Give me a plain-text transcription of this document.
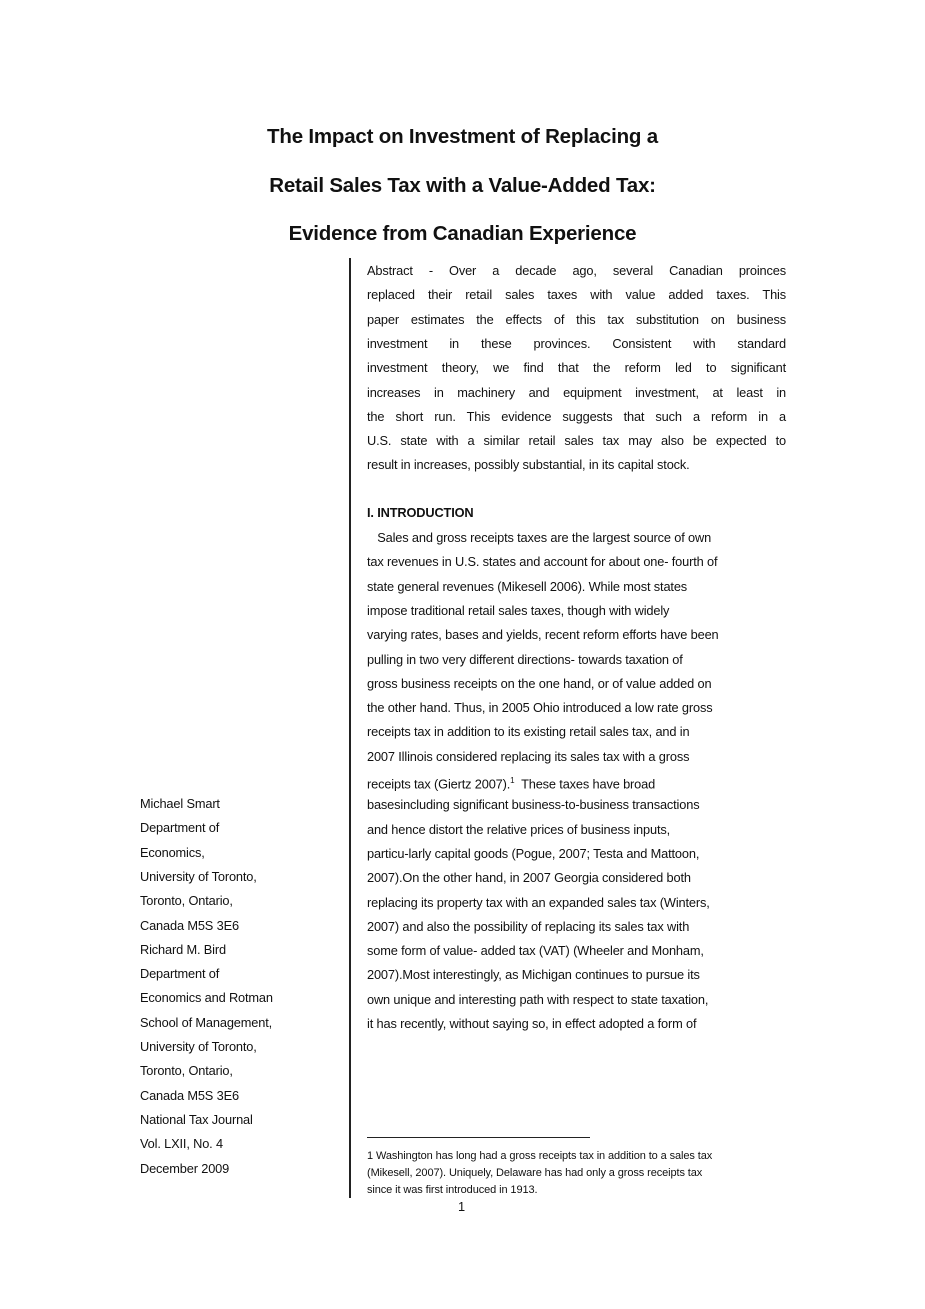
The Impact on Investment of Replacing a
Retail Sales Tax with a Value-Added Tax:
Evidence from Canadian Experience
Abstract - Over a decade ago, several Canadian proinces
replaced their retail sales taxes with value added taxes. This
paper estimates the effects of this tax substitution on business
investment in these provinces. Consistent with standard
investment theory, we find that the reform led to significant
increases in machinery and equipment investment, at least in
the short run. This evidence suggests that such a reform in a
U.S. state with a similar retail sales tax may also be expected to
result in increases, possibly substantial, in its capital stock.
I. INTRODUCTION
Sales and gross receipts taxes are the largest source of own
tax revenues in U.S. states and account for about one- fourth of
state general revenues (Mikesell 2006). While most states
impose traditional retail sales taxes, though with widely
varying rates, bases and yields, recent reform efforts have been
pulling in two very different directions- towards taxation of
gross business receipts on the one hand, or of value added on
the other hand. Thus, in 2005 Ohio introduced a low rate gross
receipts tax in addition to its existing retail sales tax, and in
2007 Illinois considered replacing its sales tax with a gross
receipts tax (Giertz 2007).$^1$  These taxes have broad
basesincluding significant business-to-business transactions
and hence distort the relative prices of business inputs,
particu-larly capital goods (Pogue, 2007; Testa and Mattoon,
2007).On the other hand, in 2007 Georgia considered both
replacing its property tax with an expanded sales tax (Winters,
2007) and also the possibility of replacing its sales tax with
some form of value- added tax (VAT) (Wheeler and Monham,
2007).Most interestingly, as Michigan continues to pursue its
own unique and interesting path with respect to state taxation,
it has recently, without saying so, in effect adopted a form of
Michael Smart
Department of
Economics,
University of Toronto,
Toronto, Ontario,
Canada M5S 3E6
Richard M. Bird
Department of
Economics and Rotman
School of Management,
University of Toronto,
Toronto, Ontario,
Canada M5S 3E6
National Tax Journal
Vol. LXII, No. 4
December 2009
1 Washington has long had a gross receipts tax in addition to a sales tax
(Mikesell, 2007). Uniquely, Delaware has had only a gross receipts tax
since it was first introduced in 1913.
1
